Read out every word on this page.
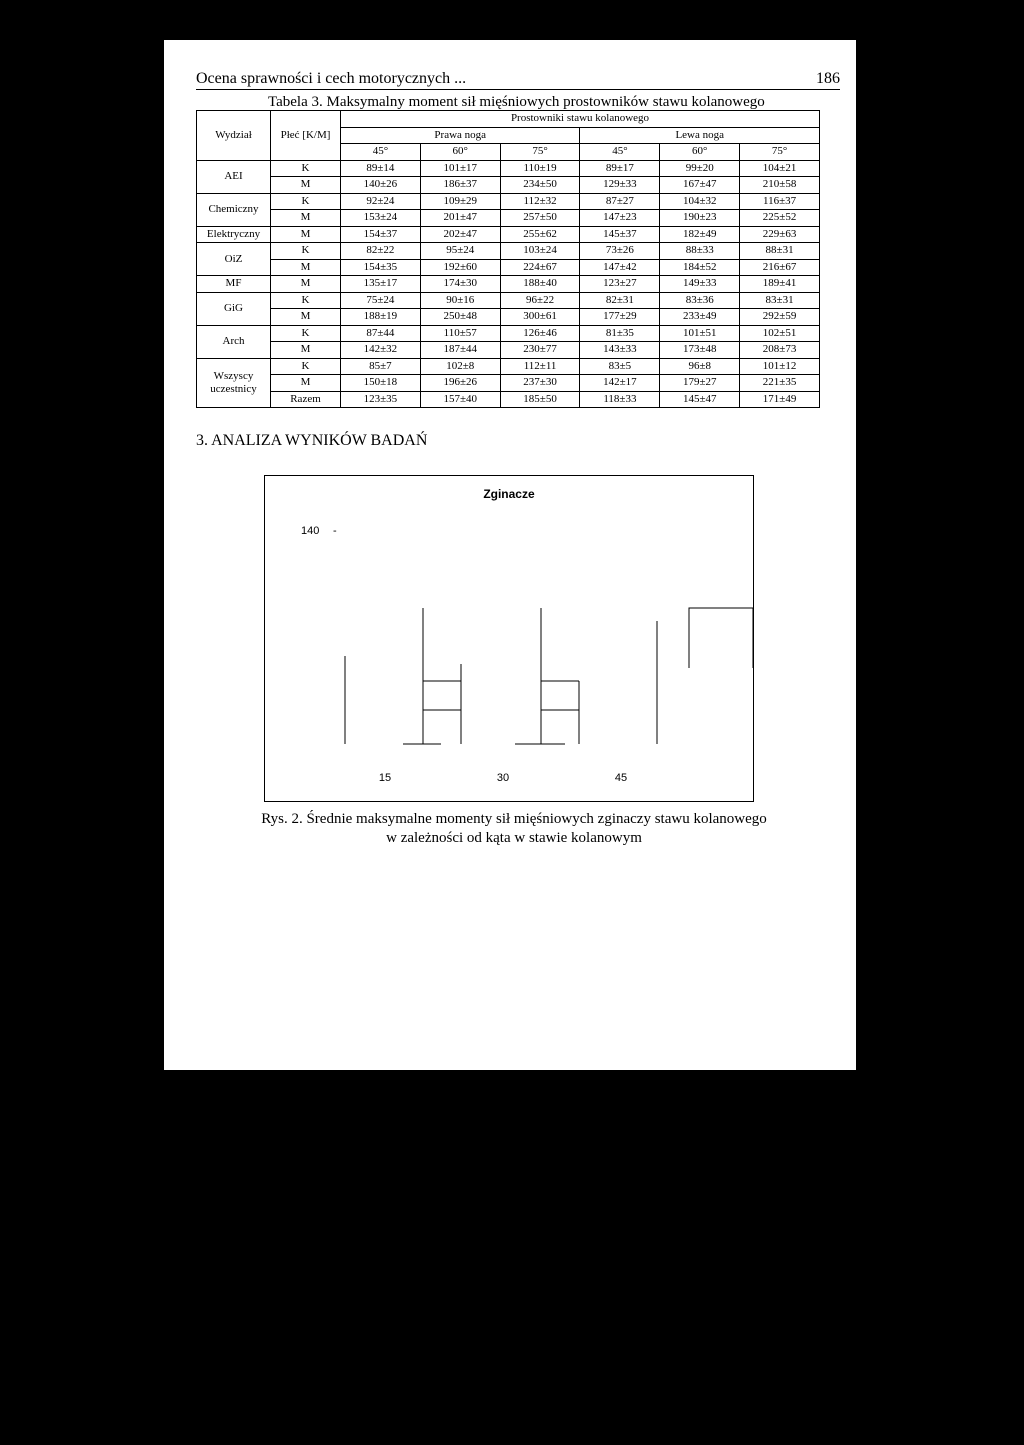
Ocena sprawności i cech motorycznych ...	186
Tabela 3. Maksymalny moment sił mięśniowych prostowników stawu kolanowego
Wydział	Płeć [K/M]	Prostowniki stawu kolanowego					
		Prawa noga			Lewa noga		
		45°	60°	75°	45°	60°	75°
AEI	K	89±14	101±17	110±19	89±17	99±20	104±21
	M	140±26	186±37	234±50	129±33	167±47	210±58
Chemiczny	K	92±24	109±29	112±32	87±27	104±32	116±37
	M	153±24	201±47	257±50	147±23	190±23	225±52
Elektryczny	M	154±37	202±47	255±62	145±37	182±49	229±63
OiZ	K	82±22	95±24	103±24	73±26	88±33	88±31
	M	154±35	192±60	224±67	147±42	184±52	216±67
MF	M	135±17	174±30	188±40	123±27	149±33	189±41
GiG	K	75±24	90±16	96±22	82±31	83±36	83±31
	M	188±19	250±48	300±61	177±29	233±49	292±59
Arch	K	87±44	110±57	126±46	81±35	101±51	102±51
	M	142±32	187±44	230±77	143±33	173±48	208±73
Wszyscy uczestnicy	K	85±7	102±8	112±11	83±5	96±8	101±12
	M	150±18	196±26	237±30	142±17	179±27	221±35
	Razem	123±35	157±40	185±50	118±33	145±47	171±49
3. ANALIZA WYNIKÓW BADAŃ
Zginacze
140 -
15	30	45
Rys. 2. Średnie maksymalne momenty sił mięśniowych zginaczy stawu kolanowego
w zależności od kąta w stawie kolanowym
